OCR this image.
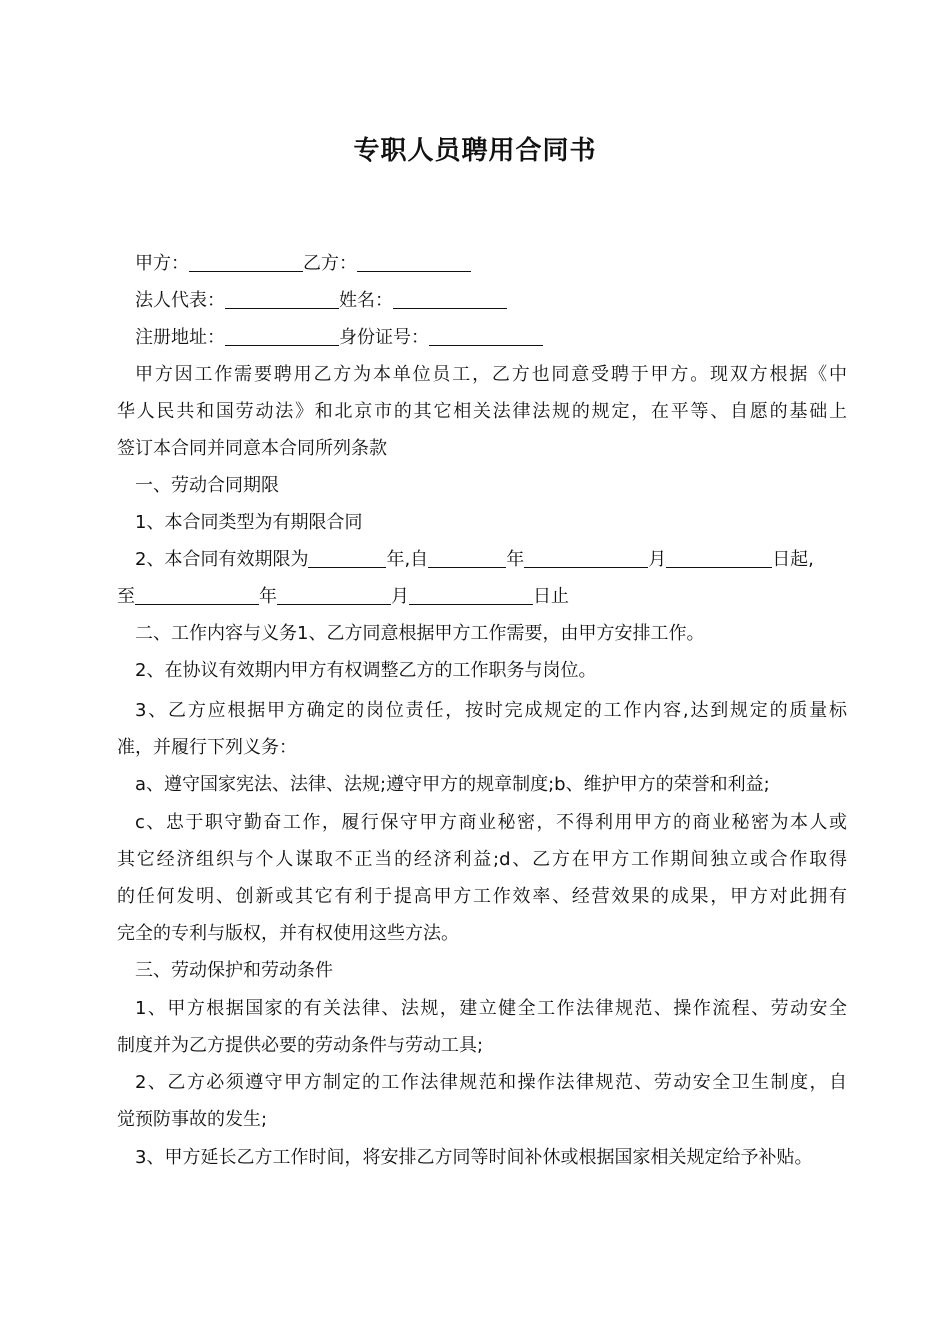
专职人员聘用合同书
甲方：	乙方：
法人代表：	姓名：
注册地址：	身份证号：
甲方因工作需要聘用乙方为本单位员工，乙方也同意受聘于甲方。现双方根据《中
华人民共和国劳动法》和北京市的其它相关法律法规的规定，在平等、自愿的基础上
签订本合同并同意本合同所列条款
一、劳动合同期限
1、本合同类型为有期限合同
2、本合同有效期限为	年,自	年	月	日起,
至	年	月	日止
二、工作内容与义务1、乙方同意根据甲方工作需要，由甲方安排工作。
2、在协议有效期内甲方有权调整乙方的工作职务与岗位。
3、乙方应根据甲方确定的岗位责任，按时完成规定的工作内容,达到规定的质量标
准，并履行下列义务：
a、遵守国家宪法、法律、法规;遵守甲方的规章制度;b、维护甲方的荣誉和利益;
c、忠于职守勤奋工作，履行保守甲方商业秘密，不得利用甲方的商业秘密为本人或
其它经济组织与个人谋取不正当的经济利益;d、乙方在甲方工作期间独立或合作取得
的任何发明、创新或其它有利于提高甲方工作效率、经营效果的成果，甲方对此拥有
完全的专利与版权，并有权使用这些方法。
三、劳动保护和劳动条件
1、甲方根据国家的有关法律、法规，建立健全工作法律规范、操作流程、劳动安全
制度并为乙方提供必要的劳动条件与劳动工具;
2、乙方必须遵守甲方制定的工作法律规范和操作法律规范、劳动安全卫生制度，自
觉预防事故的发生;
3、甲方延长乙方工作时间，将安排乙方同等时间补休或根据国家相关规定给予补贴。
